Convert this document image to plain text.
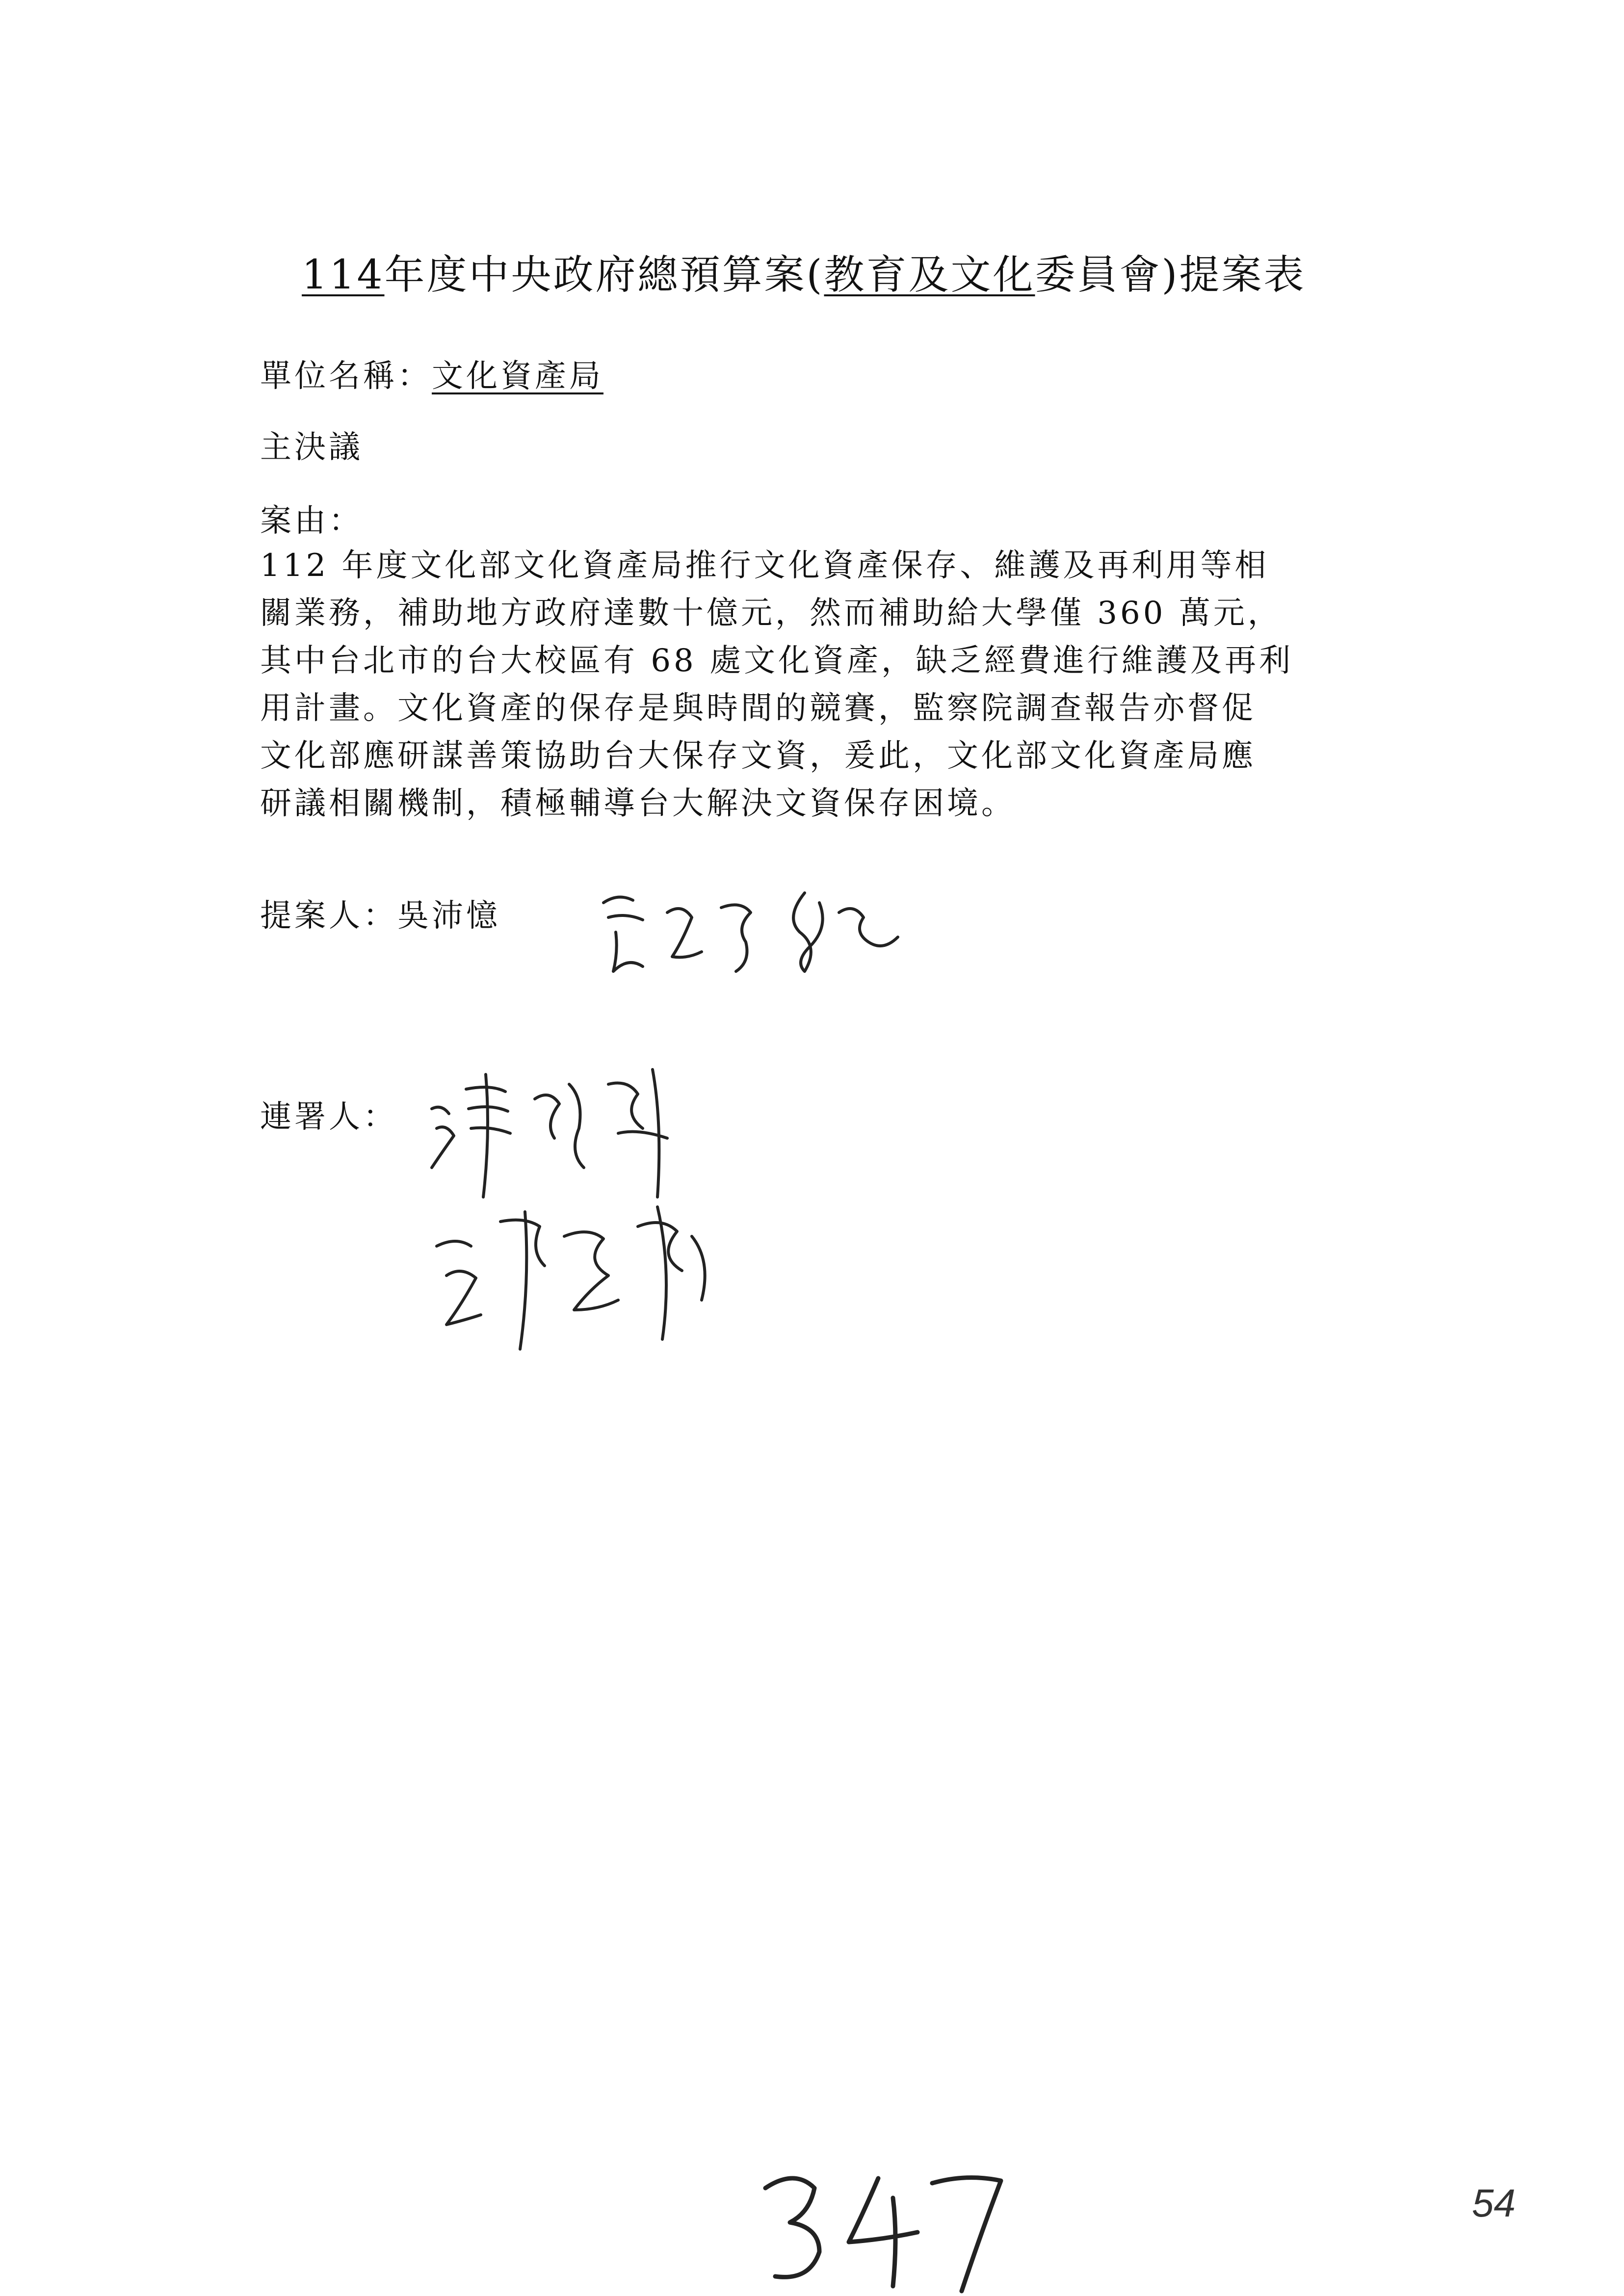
114年度中央政府總預算案(教育及文化委員會)提案表
單位名稱：文化資產局
主決議
案由：
112 年度文化部文化資產局推行文化資產保存、維護及再利用等相
關業務，補助地方政府達數十億元，然而補助給大學僅 360 萬元，
其中台北市的台大校區有 68 處文化資產，缺乏經費進行維護及再利
用計畫。文化資產的保存是與時間的競賽，監察院調查報告亦督促
文化部應研謀善策協助台大保存文資，爰此，文化部文化資產局應
研議相關機制，積極輔導台大解決文資保存困境。
提案人：吳沛憶
連署人：
54
